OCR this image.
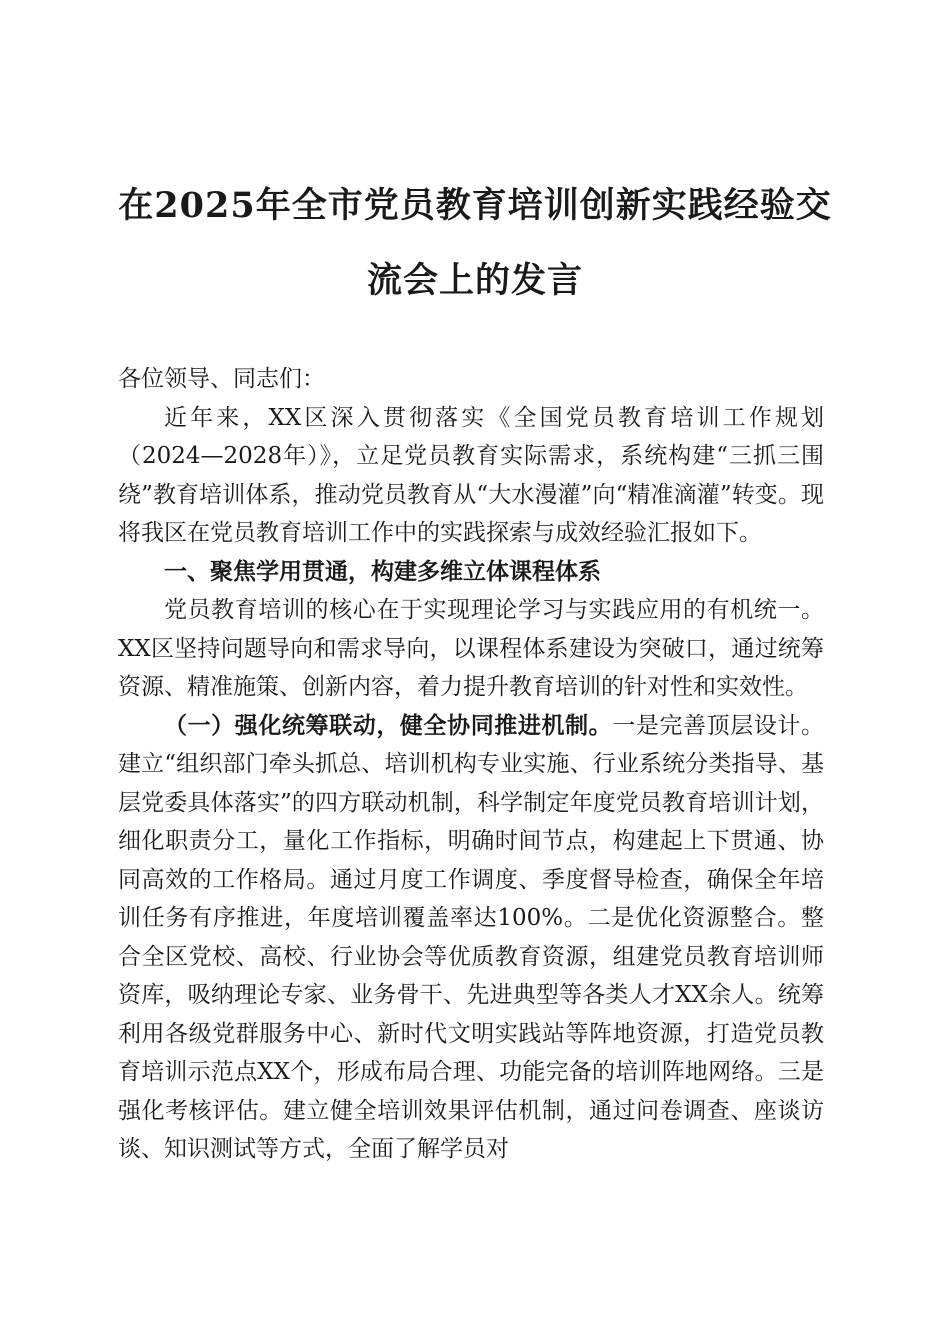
在2025年全市党员教育培训创新实践经验交流会上的发言

各位领导、同志们：

近年来，XX区深入贯彻落实《全国党员教育培训工作规划（2024—2028年）》，立足党员教育实际需求，系统构建“三抓三围绕”教育培训体系，推动党员教育从“大水漫灌”向“精准滴灌”转变。现将我区在党员教育培训工作中的实践探索与成效经验汇报如下。

一、聚焦学用贯通，构建多维立体课程体系

党员教育培训的核心在于实现理论学习与实践应用的有机统一。XX区坚持问题导向和需求导向，以课程体系建设为突破口，通过统筹资源、精准施策、创新内容，着力提升教育培训的针对性和实效性。

（一）强化统筹联动，健全协同推进机制。一是完善顶层设计。建立“组织部门牵头抓总、培训机构专业实施、行业系统分类指导、基层党委具体落实”的四方联动机制，科学制定年度党员教育培训计划，细化职责分工，量化工作指标，明确时间节点，构建起上下贯通、协同高效的工作格局。通过月度工作调度、季度督导检查，确保全年培训任务有序推进，年度培训覆盖率达100%。二是优化资源整合。整合全区党校、高校、行业协会等优质教育资源，组建党员教育培训师资库，吸纳理论专家、业务骨干、先进典型等各类人才XX余人。统筹利用各级党群服务中心、新时代文明实践站等阵地资源，打造党员教育培训示范点XX个，形成布局合理、功能完备的培训阵地网络。三是强化考核评估。建立健全培训效果评估机制，通过问卷调查、座谈访谈、知识测试等方式，全面了解学员对
